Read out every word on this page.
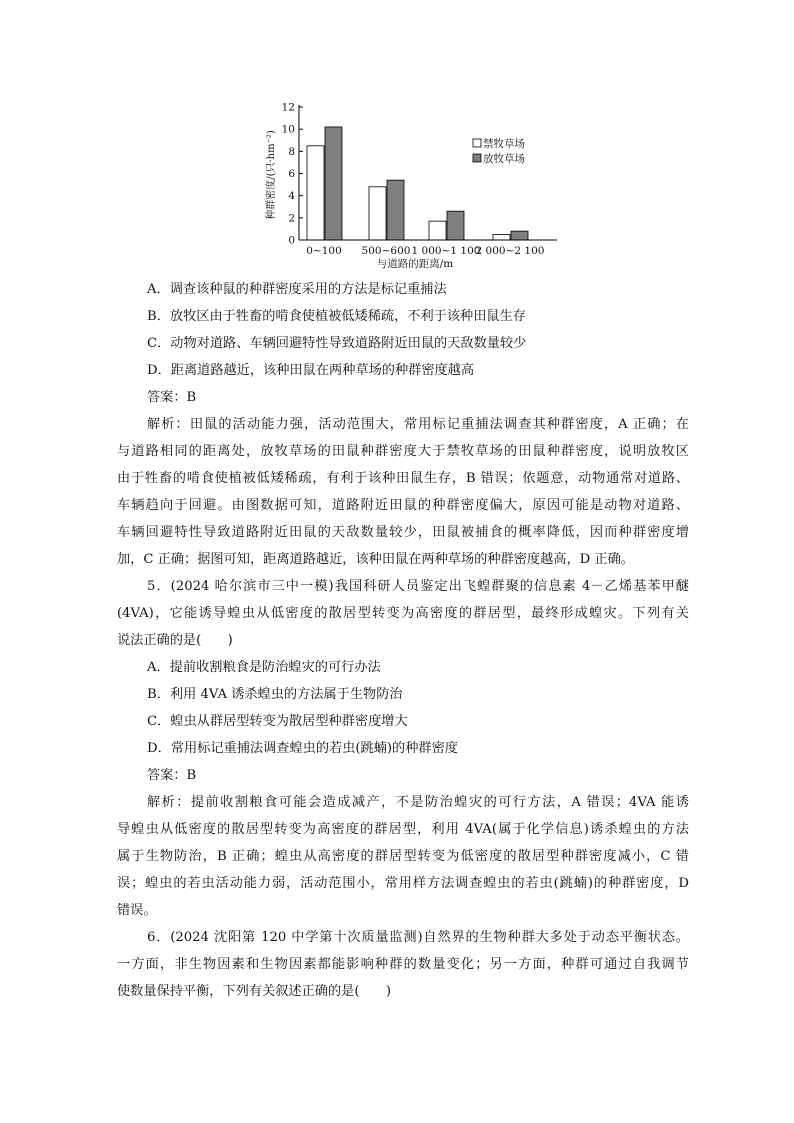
0
2
4
6
8
10
12
0~100 500~600 1 000~1 100
2 000~2 100
种群密度/(只·hm⁻²)
与道路的距离/m
禁牧草场
放牧草场
A．调查该种鼠的种群密度采用的方法是标记重捕法
B．放牧区由于牲畜的啃食使植被低矮稀疏，不利于该种田鼠生存
C．动物对道路、车辆回避特性导致道路附近田鼠的天敌数量较少
D．距离道路越近，该种田鼠在两种草场的种群密度越高
答案：B
解析：田鼠的活动能力强，活动范围大，常用标记重捕法调查其种群密度，A 正确；在
与道路相同的距离处，放牧草场的田鼠种群密度大于禁牧草场的田鼠种群密度，说明放牧区
由于牲畜的啃食使植被低矮稀疏，有利于该种田鼠生存，B 错误；依题意，动物通常对道路、
车辆趋向于回避。由图数据可知，道路附近田鼠的种群密度偏大，原因可能是动物对道路、
车辆回避特性导致道路附近田鼠的天敌数量较少，田鼠被捕食的概率降低，因而种群密度增
加，C 正确；据图可知，距离道路越近，该种田鼠在两种草场的种群密度越高，D 正确。
5．(2024 哈尔滨市三中一模)我国科研人员鉴定出飞蝗群聚的信息素 4－乙烯基苯甲醚
(4VA)，它能诱导蝗虫从低密度的散居型转变为高密度的群居型，最终形成蝗灾。下列有关
说法正确的是(　　)
A．提前收割粮食是防治蝗灾的可行办法
B．利用 4VA 诱杀蝗虫的方法属于生物防治
C．蝗虫从群居型转变为散居型种群密度增大
D．常用标记重捕法调查蝗虫的若虫(跳蝻)的种群密度
答案：B
解析：提前收割粮食可能会造成减产，不是防治蝗灾的可行方法，A 错误；4VA 能诱
导蝗虫从低密度的散居型转变为高密度的群居型，利用 4VA(属于化学信息)诱杀蝗虫的方法
属于生物防治，B 正确；蝗虫从高密度的群居型转变为低密度的散居型种群密度减小，C 错
误；蝗虫的若虫活动能力弱，活动范围小，常用样方法调查蝗虫的若虫(跳蝻)的种群密度，D
错误。
6．(2024 沈阳第 120 中学第十次质量监测)自然界的生物种群大多处于动态平衡状态。
一方面，非生物因素和生物因素都能影响种群的数量变化；另一方面，种群可通过自我调节
使数量保持平衡，下列有关叙述正确的是(　　)
